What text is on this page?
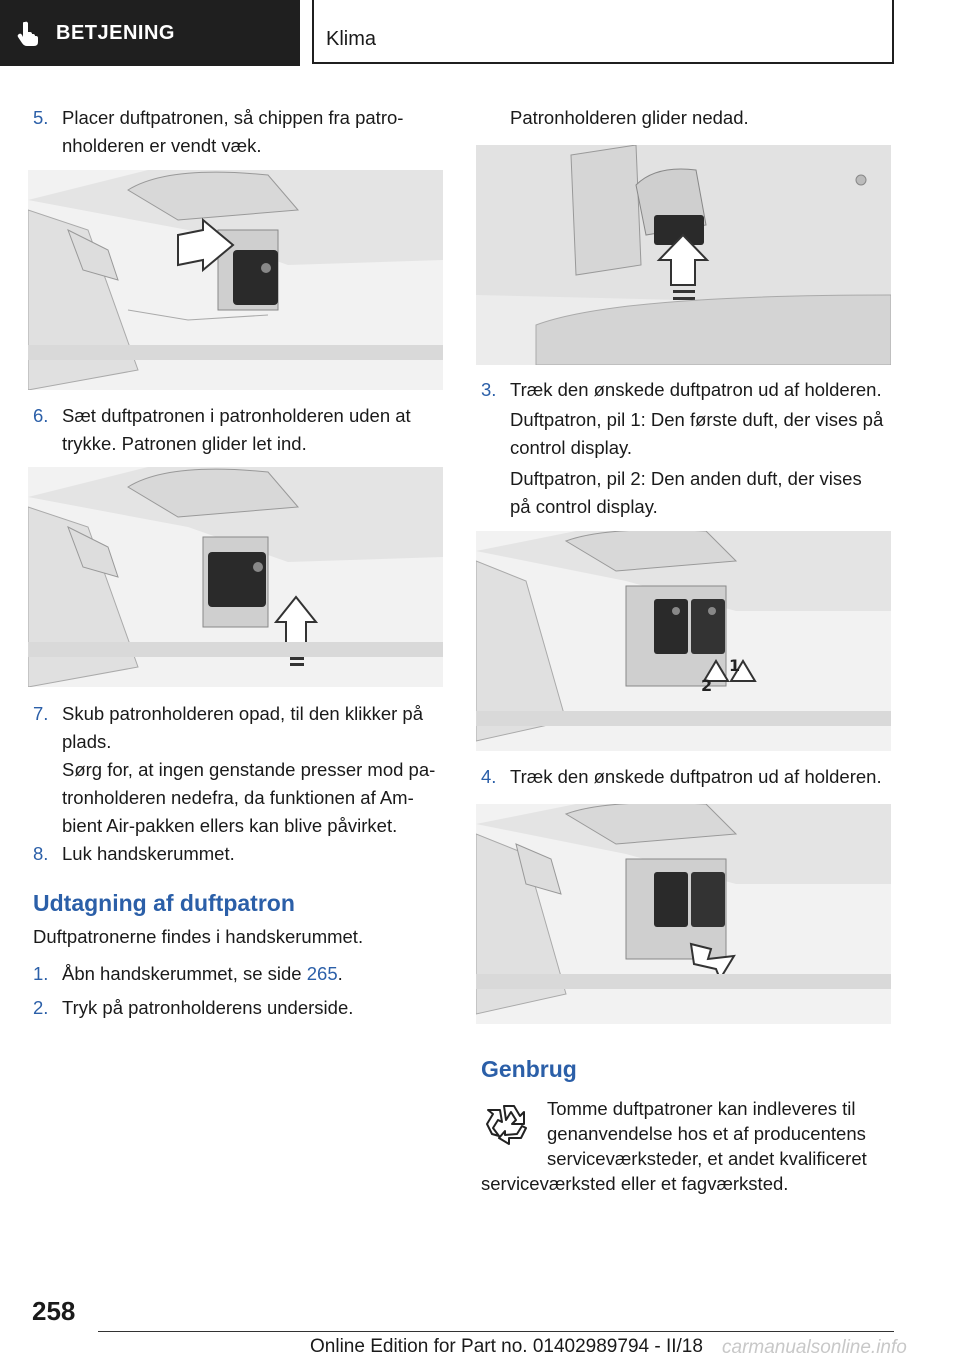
BETJENING	Klima
5. Placer duftpatronen, så chippen fra patro-
nholderen er vendt væk.
6. Sæt duftpatronen i patronholderen uden at
trykke. Patronen glider let ind.
7. Skub patronholderen opad, til den klikker på
plads.
Sørg for, at ingen genstande presser mod pa-
tronholderen nedefra, da funktionen af Am-
bient Air-pakken ellers kan blive påvirket.
8. Luk handskerummet.
Udtagning af duftpatron
Duftpatronerne findes i handskerummet.
1. Åbn handskerummet, se side 265.
2. Tryk på patronholderens underside.
Patronholderen glider nedad.
3. Træk den ønskede duftpatron ud af holderen.
Duftpatron, pil 1: Den første duft, der vises på
control display.
Duftpatron, pil 2: Den anden duft, der vises
på control display.
2
1
4. Træk den ønskede duftpatron ud af holderen.
Genbrug
Tomme duftpatroner kan indleveres til
genanvendelse hos et af producentens
serviceværksteder, et andet kvalificeret
serviceværksted eller et fagværksted.
258
Online Edition for Part no. 01402989794 - II/18 carmanualsonline.info
